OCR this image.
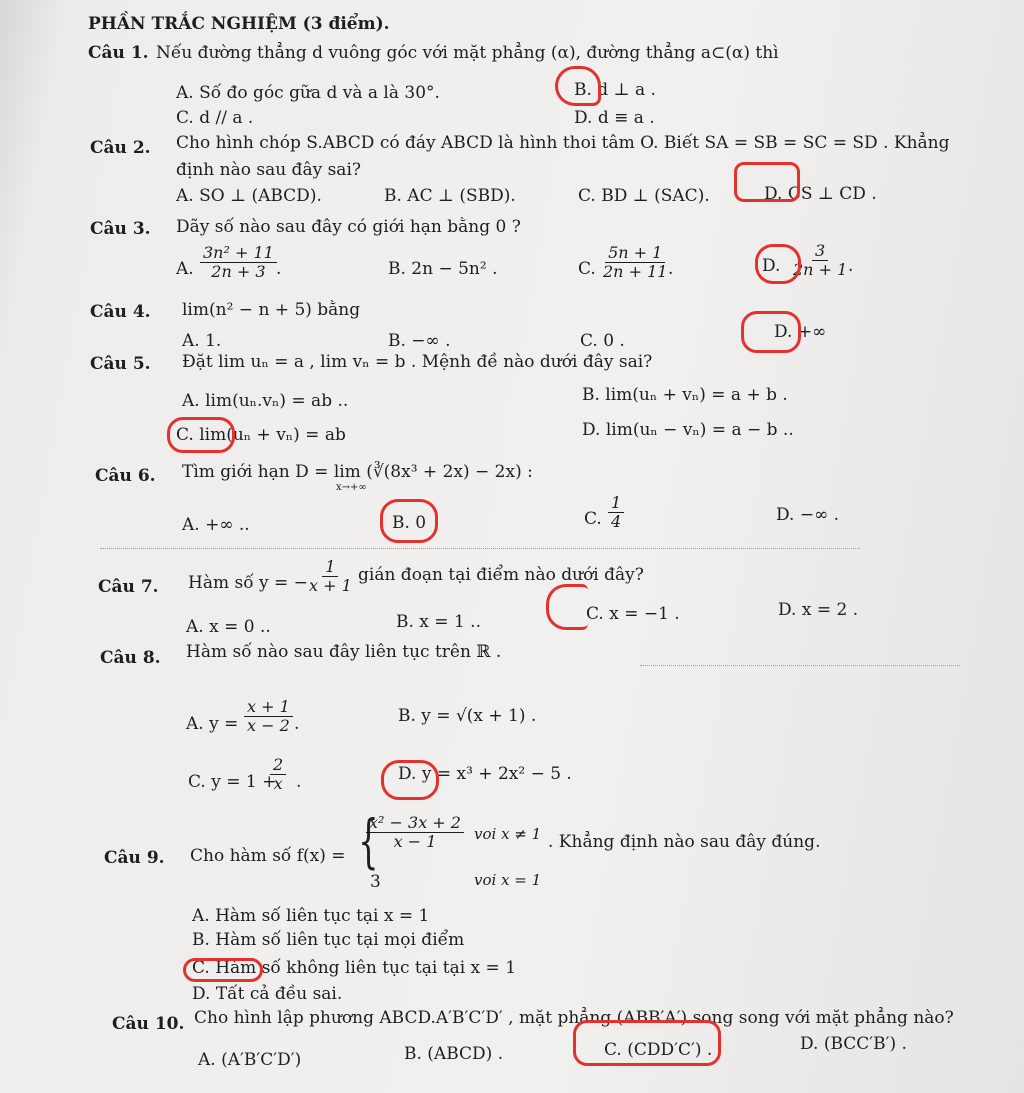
PHẦN TRẮC NGHIỆM (3 điểm).
Câu 1. Nếu đường thẳng d vuông góc với mặt phẳng (α), đường thẳng a⊂(α) thì
A. Số đo góc gữa d và a là 30°.	B. d ⊥ a .
C. d // a .	D. d ≡ a .
Câu 2. Cho hình chóp S.ABCD có đáy ABCD là hình thoi tâm O. Biết SA = SB = SC = SD . Khẳng
định nào sau đây sai?
A. SO ⊥ (ABCD).	B. AC ⊥ (SBD).	C. BD ⊥ (SAC).	D. CS ⊥ CD .
Câu 3. Dãy số nào sau đây có giới hạn bằng 0 ?
A. $\frac{\text{3n² + 11}}{2n + 3}$ .	B. 2n − 5n² .	C. $\frac{5n + 1}{2n + 11}$
.	D. $\frac{3}{2n + 1}$
.
Câu 4. lim(n² − n + 5) bằng
A. 1.	B. −∞ .	C. 0 .	D. +∞
Câu 5. Đặt lim uₙ = a , lim vₙ = b . Mệnh đề nào dưới đây sai?
A. lim(uₙ.vₙ) = ab ..	B. lim(uₙ + vₙ) = a + b .
C. lim(uₙ + vₙ) = ab	D. lim(uₙ − vₙ) = a − b ..
Câu 6. Tìm giới hạn D = lim (∛(8x³ + 2x) − 2x) :
x→+∞
A. +∞ ..	B. 0	C. $\frac{1}{4}$	D. −∞ .
Câu 7. Hàm số y = −
$\frac{1}{x + 1}$ gián đoạn tại điểm nào dưới đây?
A. x = 0 ..	B. x = 1 ..	C. x = −1 .	D. x = 2 .
Câu 8. Hàm số nào sau đây liên tục trên ℝ .
A. $y = \frac{x + 1}{x - 2}$ .	B. y = √(x + 1) .
C. y = 1 +
$\frac{2}{x}$ .	D. y = x³ + 2x² − 5 .
Câu 9. Cho hàm số f(x) = {
$\frac{\text{x² − 3x + 2}}{x - 1}$ voi x ≠ 1
3	voi x = 1
. Khẳng định nào sau đây đúng.
A. Hàm số liên tục tại x = 1
B. Hàm số liên tục tại mọi điểm
C. Hàm số không liên tục tại tại x = 1
D. Tất cả đều sai.
Câu 10. Cho hình lập phương ABCD.A′B′C′D′ , mặt phẳng (ABB′A′) song song với mặt phẳng nào?
A. (A′B′C′D′)	B. (ABCD) .	C. (CDD′C′) .	D. (BCC′B′) .
